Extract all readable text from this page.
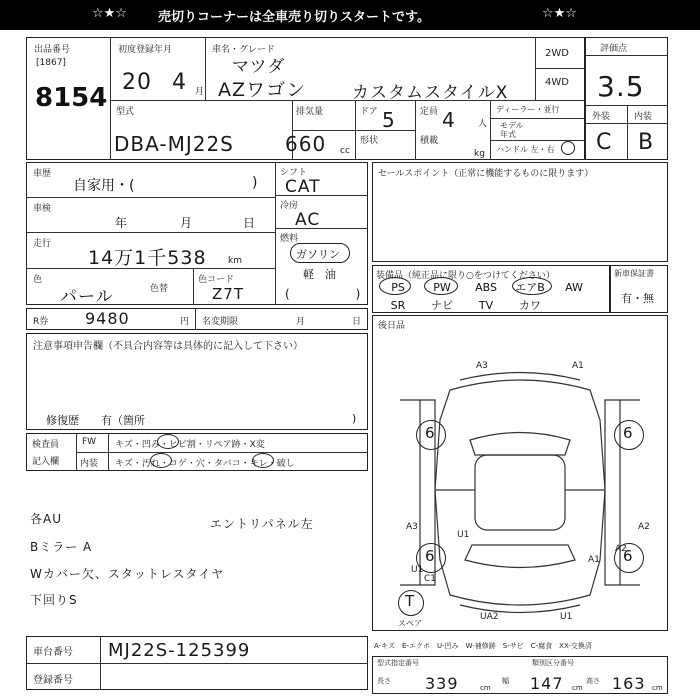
☆★☆ 売切りコーナーは全車売り切りスタートです。	☆★☆
出品番号
[1867]
8154
初度登録年月
20 4 月
車名・グレード
マツダ
AZワゴン	カスタムスタイルX
2WD
4WD
型式
DBA-MJ22S
排気量
660 cc
ドア 5
形状
定員 4 人
積載
kg
ディーラー・並行
モデル
年式
ハンドル 左・右
評価点
3.5
外装	内装
C B
車歴
自家用・(	)
車検
年	月	日
走行
14万1千538 km
色
パール	色替
色コード
Z7T
シフト
CAT
冷房
AC
燃料
ガソリン
軽　油
(　　)
セールスポイント（正常に機能するものに限ります）
装備品（純正品に限り○をつけてください）	新車保証書
有・無
PS	PW	ABS	エアB	AW
SR	ナビ	TV	カワ	
R券 9480	円 名変期限	月	日 後日品
注意事項申告欄（不具合内容等は具体的に記入して下さい）
修復歴　　有（箇所	)
検査員
記入欄
FW キズ・凹み・ヒビ割・リペア跡・X変
内装 キズ・汚れ・コゲ・穴・タバコ・キレ・破し
各AU
Bミラー A
Wカバー欠、スタットレスタイヤ
下回りS
エントリパネル左
A3	A1
A3	A2
U1
A2
A1
U1
C1
UA2	U1
6	6
6	6
T
スペア
車台番号 MJ22S-125399
登録番号
A-キズ　E-エクボ　U-凹み　W-補修跡　S-サビ　C-腐食　XX-交換済
型式指定番号	類別区分番号
長さ 339	cm
幅 147 cm
高さ 163 cm
